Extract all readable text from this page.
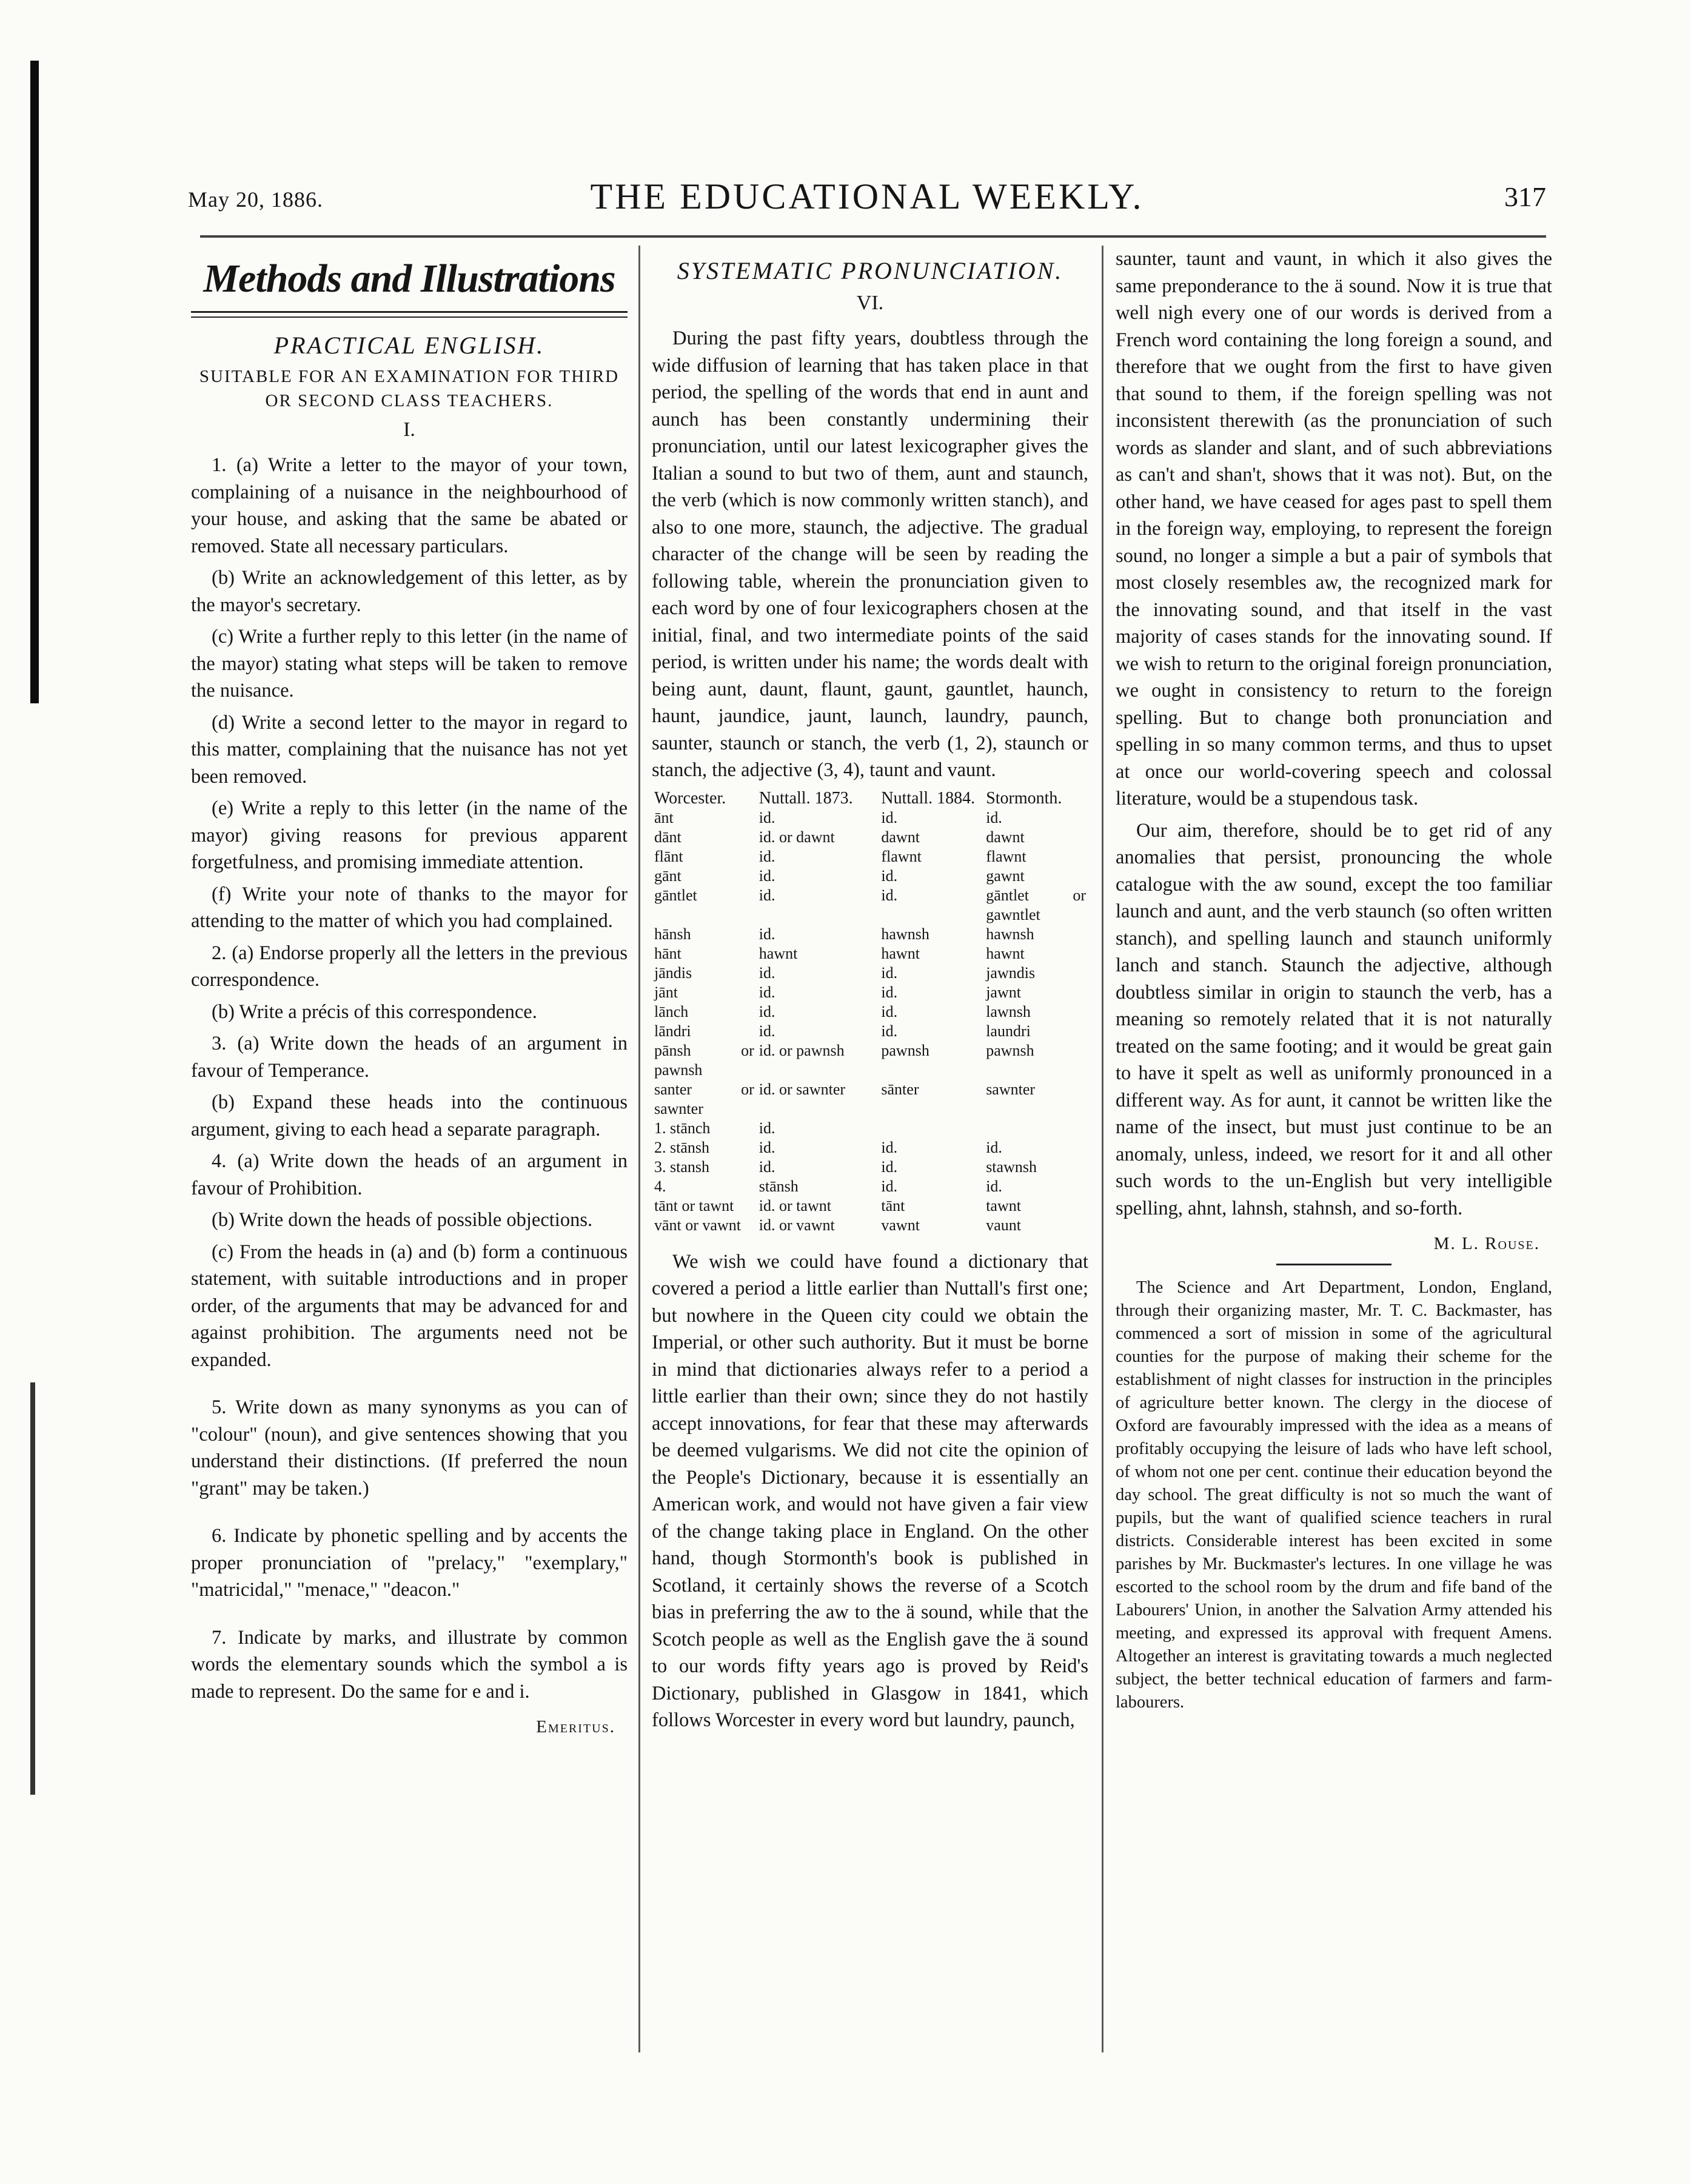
May 20, 1886.	THE EDUCATIONAL WEEKLY.	317
Methods and Illustrations
PRACTICAL ENGLISH.
SUITABLE FOR AN EXAMINATION FOR THIRD OR SECOND CLASS TEACHERS.
I.

1. (a) Write a letter to the mayor of your town, complaining of a nuisance in the neighbourhood of your house, and asking that the same be abated or removed. State all necessary particulars.

(b) Write an acknowledgement of this letter, as by the mayor's secretary.

(c) Write a further reply to this letter (in the name of the mayor) stating what steps will be taken to remove the nuisance.

(d) Write a second letter to the mayor in regard to this matter, complaining that the nuisance has not yet been removed.

(e) Write a reply to this letter (in the name of the mayor) giving reasons for previous apparent forgetfulness, and promising immediate attention.

(f) Write your note of thanks to the mayor for attending to the matter of which you had complained.

2. (a) Endorse properly all the letters in the previous correspondence.

(b) Write a précis of this correspondence.

3. (a) Write down the heads of an argument in favour of Temperance.

(b) Expand these heads into the continuous argument, giving to each head a separate paragraph.

4. (a) Write down the heads of an argument in favour of Prohibition.

(b) Write down the heads of possible objections.

(c) From the heads in (a) and (b) form a continuous statement, with suitable introductions and in proper order, of the arguments that may be advanced for and against prohibition. The arguments need not be expanded.

5. Write down as many synonyms as you can of "colour" (noun), and give sentences showing that you understand their distinctions. (If preferred the noun "grant" may be taken.)

6. Indicate by phonetic spelling and by accents the proper pronunciation of "prelacy," "exemplary," "matricidal," "menace," "deacon."

7. Indicate by marks, and illustrate by common words the elementary sounds which the symbol a is made to represent. Do the same for e and i.

Emeritus.
SYSTEMATIC PRONUNCIATION.
VI.

During the past fifty years, doubtless through the wide diffusion of learning that has taken place in that period, the spelling of the words that end in aunt and aunch has been constantly undermining their pronunciation, until our latest lexicographer gives the Italian a sound to but two of them, aunt and staunch, the verb (which is now commonly written stanch), and also to one more, staunch, the adjective. The gradual character of the change will be seen by reading the following table, wherein the pronunciation given to each word by one of four lexicographers chosen at the initial, final, and two intermediate points of the said period, is written under his name; the words dealt with being aunt, daunt, flaunt, gaunt, gauntlet, haunch, haunt, jaundice, jaunt, launch, laundry, paunch, saunter, staunch or stanch, the verb (1, 2), staunch or stanch, the adjective (3, 4), taunt and vaunt.

Worcester.	Nuttall. 1873.	Nuttall. 1884.	Stormonth.
ānt	id.	id.	id.
dānt	id. or dawnt	dawnt	dawnt
flānt	id.	flawnt	flawnt
gānt	id.	id.	gawnt
gāntlet	id.	id.	gāntlet or gawntlet
hānsh	id.	hawnsh	hawnsh
hānt	hawnt	hawnt	hawnt
jāndis	id.	id.	jawndis
jānt	id.	id.	jawnt
lānch	id.	id.	lawnsh
lāndri	id.	id.	laundri
pānsh or pawnsh	id. or pawnsh	pawnsh	pawnsh
santer or sawnter	id. or sawnter	sānter	sawnter
1. stānch	id.		
2. stānsh	id.	id.	id.
3. stansh	id.	id.	stawnsh
4.	stānsh	id.	id.
tānt or tawnt	id. or tawnt	tānt	tawnt
vānt or vawnt	id. or vawnt	vawnt	vaunt

We wish we could have found a dictionary that covered a period a little earlier than Nuttall's first one; but nowhere in the Queen city could we obtain the Imperial, or other such authority. But it must be borne in mind that dictionaries always refer to a period a little earlier than their own; since they do not hastily accept innovations, for fear that these may afterwards be deemed vulgarisms. We did not cite the opinion of the People's Dictionary, because it is essentially an American work, and would not have given a fair view of the change taking place in England. On the other hand, though Stormonth's book is published in Scotland, it certainly shows the reverse of a Scotch bias in preferring the aw to the ä sound, while that the Scotch people as well as the English gave the ä sound to our words fifty years ago is proved by Reid's Dictionary, published in Glasgow in 1841, which follows Worcester in every word but laundry, paunch,

saunter, taunt and vaunt, in which it also gives the same preponderance to the ä sound. Now it is true that well nigh every one of our words is derived from a French word containing the long foreign a sound, and therefore that we ought from the first to have given that sound to them, if the foreign spelling was not inconsistent therewith (as the pronunciation of such words as slander and slant, and of such abbreviations as can't and shan't, shows that it was not). But, on the other hand, we have ceased for ages past to spell them in the foreign way, employing, to represent the foreign sound, no longer a simple a but a pair of symbols that most closely resembles aw, the recognized mark for the innovating sound, and that itself in the vast majority of cases stands for the innovating sound. If we wish to return to the original foreign pronunciation, we ought in consistency to return to the foreign spelling. But to change both pronunciation and spelling in so many common terms, and thus to upset at once our world-covering speech and colossal literature, would be a stupendous task.

Our aim, therefore, should be to get rid of any anomalies that persist, pronouncing the whole catalogue with the aw sound, except the too familiar launch and aunt, and the verb staunch (so often written stanch), and spelling launch and staunch uniformly lanch and stanch. Staunch the adjective, although doubtless similar in origin to staunch the verb, has a meaning so remotely related that it is not naturally treated on the same footing; and it would be great gain to have it spelt as well as uniformly pronounced in a different way. As for aunt, it cannot be written like the name of the insect, but must just continue to be an anomaly, unless, indeed, we resort for it and all other such words to the un-English but very intelligible spelling, ahnt, lahnsh, stahnsh, and so-forth.

M. L. Rouse.

The Science and Art Department, London, England, through their organizing master, Mr. T. C. Backmaster, has commenced a sort of mission in some of the agricultural counties for the purpose of making their scheme for the establishment of night classes for instruction in the principles of agriculture better known. The clergy in the diocese of Oxford are favourably impressed with the idea as a means of profitably occupying the leisure of lads who have left school, of whom not one per cent. continue their education beyond the day school. The great difficulty is not so much the want of pupils, but the want of qualified science teachers in rural districts. Considerable interest has been excited in some parishes by Mr. Buckmaster's lectures. In one village he was escorted to the school room by the drum and fife band of the Labourers' Union, in another the Salvation Army attended his meeting, and expressed its approval with frequent Amens. Altogether an interest is gravitating towards a much neglected subject, the better technical education of farmers and farm-labourers.
